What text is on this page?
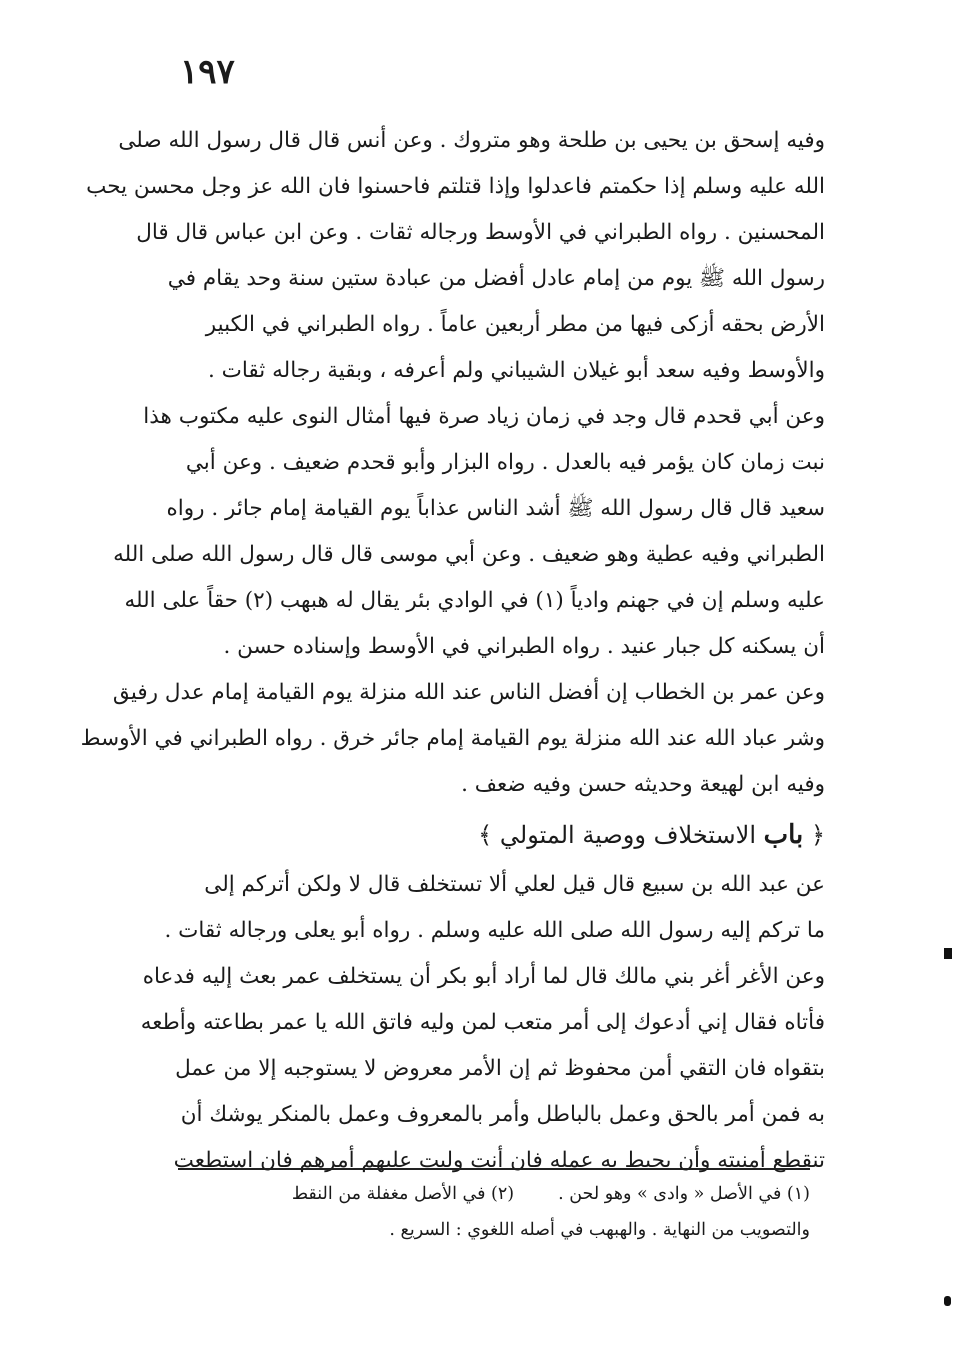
١٩٧
وفيه إسحق بن يحيى بن طلحة وهو متروك . وعن أنس قال قال رسول الله صلى
الله عليه وسلم إذا حكمتم فاعدلوا وإذا قتلتم فاحسنوا فان الله عز وجل محسن يحب
المحسنين . رواه الطبراني في الأوسط ورجاله ثقات . وعن ابن عباس قال قال
رسول الله ﷺ يوم من إمام عادل أفضل من عبادة ستين سنة وحد يقام في
الأرض بحقه أزكى فيها من مطر أربعين عاماً . رواه الطبراني في الكبير
والأوسط وفيه سعد أبو غيلان الشيباني ولم أعرفه ، وبقية رجاله ثقات .
وعن أبي قحدم قال وجد في زمان زياد صرة فيها أمثال النوى عليه مكتوب هذا
نبت زمان كان يؤمر فيه بالعدل . رواه البزار وأبو قحدم ضعيف . وعن أبي
سعيد قال قال رسول الله ﷺ أشد الناس عذاباً يوم القيامة إمام جائر . رواه
الطبراني وفيه عطية وهو ضعيف . وعن أبي موسى قال قال رسول الله صلى الله
عليه وسلم إن في جهنم وادياً (١) في الوادي بئر يقال له هبهب (٢) حقاً على الله
أن يسكنه كل جبار عنيد . رواه الطبراني في الأوسط وإسناده حسن .
وعن عمر بن الخطاب إن أفضل الناس عند الله منزلة يوم القيامة إمام عدل رفيق
وشر عباد الله عند الله منزلة يوم القيامة إمام جائر خرق . رواه الطبراني في الأوسط
وفيه ابن لهيعة وحديثه حسن وفيه ضعف .
﴿ باب الاستخلاف ووصية المتولي ﴾
عن عبد الله بن سبيع قال قيل لعلي ألا تستخلف قال لا ولكن أتركم إلى
ما تركم إليه رسول الله صلى الله عليه وسلم . رواه أبو يعلى ورجاله ثقات .
وعن الأغر أغر بني مالك قال لما أراد أبو بكر أن يستخلف عمر بعث إليه فدعاه
فأتاه فقال إني أدعوك إلى أمر متعب لمن وليه فاتق الله يا عمر بطاعته وأطعه
بتقواه فان التقي أمن محفوظ ثم إن الأمر معروض لا يستوجبه إلا من عمل
به فمن أمر بالحق وعمل بالباطل وأمر بالمعروف وعمل بالمنكر يوشك أن
تنقطع أمنيته وأن يحبط به عمله فان أنت وليت عليهم أمرهم فان استطعت
(١) في الأصل « وادى » وهو لحن .(٢) في الأصل مغفلة من النقط
والتصويب من النهاية . والهبهب في أصله اللغوي : السريع .
